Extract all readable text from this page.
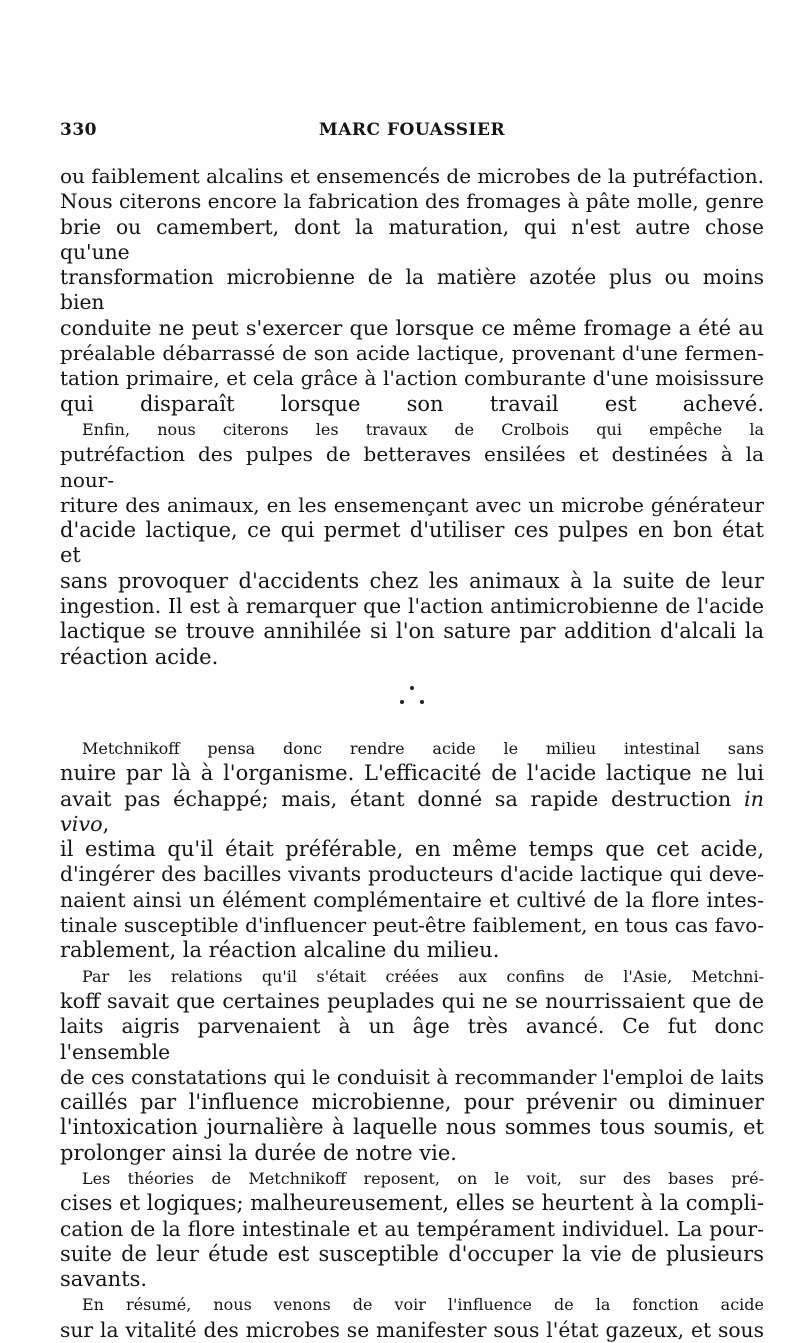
330	MARC FOUASSIER

ou faiblement alcalins et ensemencés de microbes de la putréfaction.
Nous citerons encore la fabrication des fromages à pâte molle, genre
brie ou camembert, dont la maturation, qui n'est autre chose qu'une
transformation microbienne de la matière azotée plus ou moins bien
conduite ne peut s'exercer que lorsque ce même fromage a été au
préalable débarrassé de son acide lactique, provenant d'une fermen-
tation primaire, et cela grâce à l'action comburante d'une moisissure
qui disparaît lorsque son travail est achevé.

Enfin, nous citerons les travaux de Crolbois qui empêche la
putréfaction des pulpes de betteraves ensilées et destinées à la nour-
riture des animaux, en les ensemençant avec un microbe générateur
d'acide lactique, ce qui permet d'utiliser ces pulpes en bon état et
sans provoquer d'accidents chez les animaux à la suite de leur
ingestion. Il est à remarquer que l'action antimicrobienne de l'acide
lactique se trouve annihilée si l'on sature par addition d'alcali la
réaction acide.

Metchnikoff pensa donc rendre acide le milieu intestinal sans
nuire par là à l'organisme. L'efficacité de l'acide lactique ne lui
avait pas échappé; mais, étant donné sa rapide destruction in vivo,
il estima qu'il était préférable, en même temps que cet acide,
d'ingérer des bacilles vivants producteurs d'acide lactique qui deve-
naient ainsi un élément complémentaire et cultivé de la flore intes-
tinale susceptible d'influencer peut-être faiblement, en tous cas favo-
rablement, la réaction alcaline du milieu.

Par les relations qu'il s'était créées aux confins de l'Asie, Metchni-
koff savait que certaines peuplades qui ne se nourrissaient que de
laits aigris parvenaient à un âge très avancé. Ce fut donc l'ensemble
de ces constatations qui le conduisit à recommander l'emploi de laits
caillés par l'influence microbienne, pour prévenir ou diminuer
l'intoxication journalière à laquelle nous sommes tous soumis, et
prolonger ainsi la durée de notre vie.

Les théories de Metchnikoff reposent, on le voit, sur des bases pré-
cises et logiques; malheureusement, elles se heurtent à la compli-
cation de la flore intestinale et au tempérament individuel. La pour-
suite de leur étude est susceptible d'occuper la vie de plusieurs
savants.

En résumé, nous venons de voir l'influence de la fonction acide
sur la vitalité des microbes se manifester sous l'état gazeux, et sous
